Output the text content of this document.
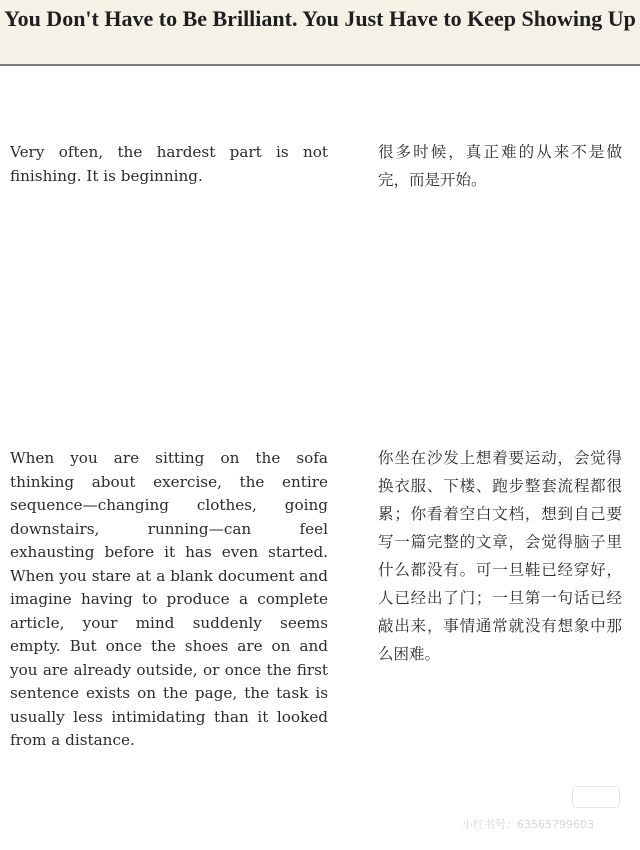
You Don't Have to Be Brilliant. You Just Have to Keep Showing Up

Very often, the hardest part is not finishing. It is beginning.

很多时候，真正难的从来不是做完，而是开始。

When you are sitting on the sofa thinking about exercise, the entire sequence—changing clothes, going downstairs, running—can feel exhausting before it has even started. When you stare at a blank document and imagine having to produce a complete article, your mind suddenly seems empty. But once the shoes are on and you are already outside, or once the first sentence exists on the page, the task is usually less intimidating than it looked from a distance.

你坐在沙发上想着要运动，会觉得换衣服、下楼、跑步整套流程都很累；你看着空白文档，想到自己要写一篇完整的文章，会觉得脑子里什么都没有。可一旦鞋已经穿好，人已经出了门；一旦第一句话已经敲出来，事情通常就没有想象中那么困难。

小红书号：63565799603
